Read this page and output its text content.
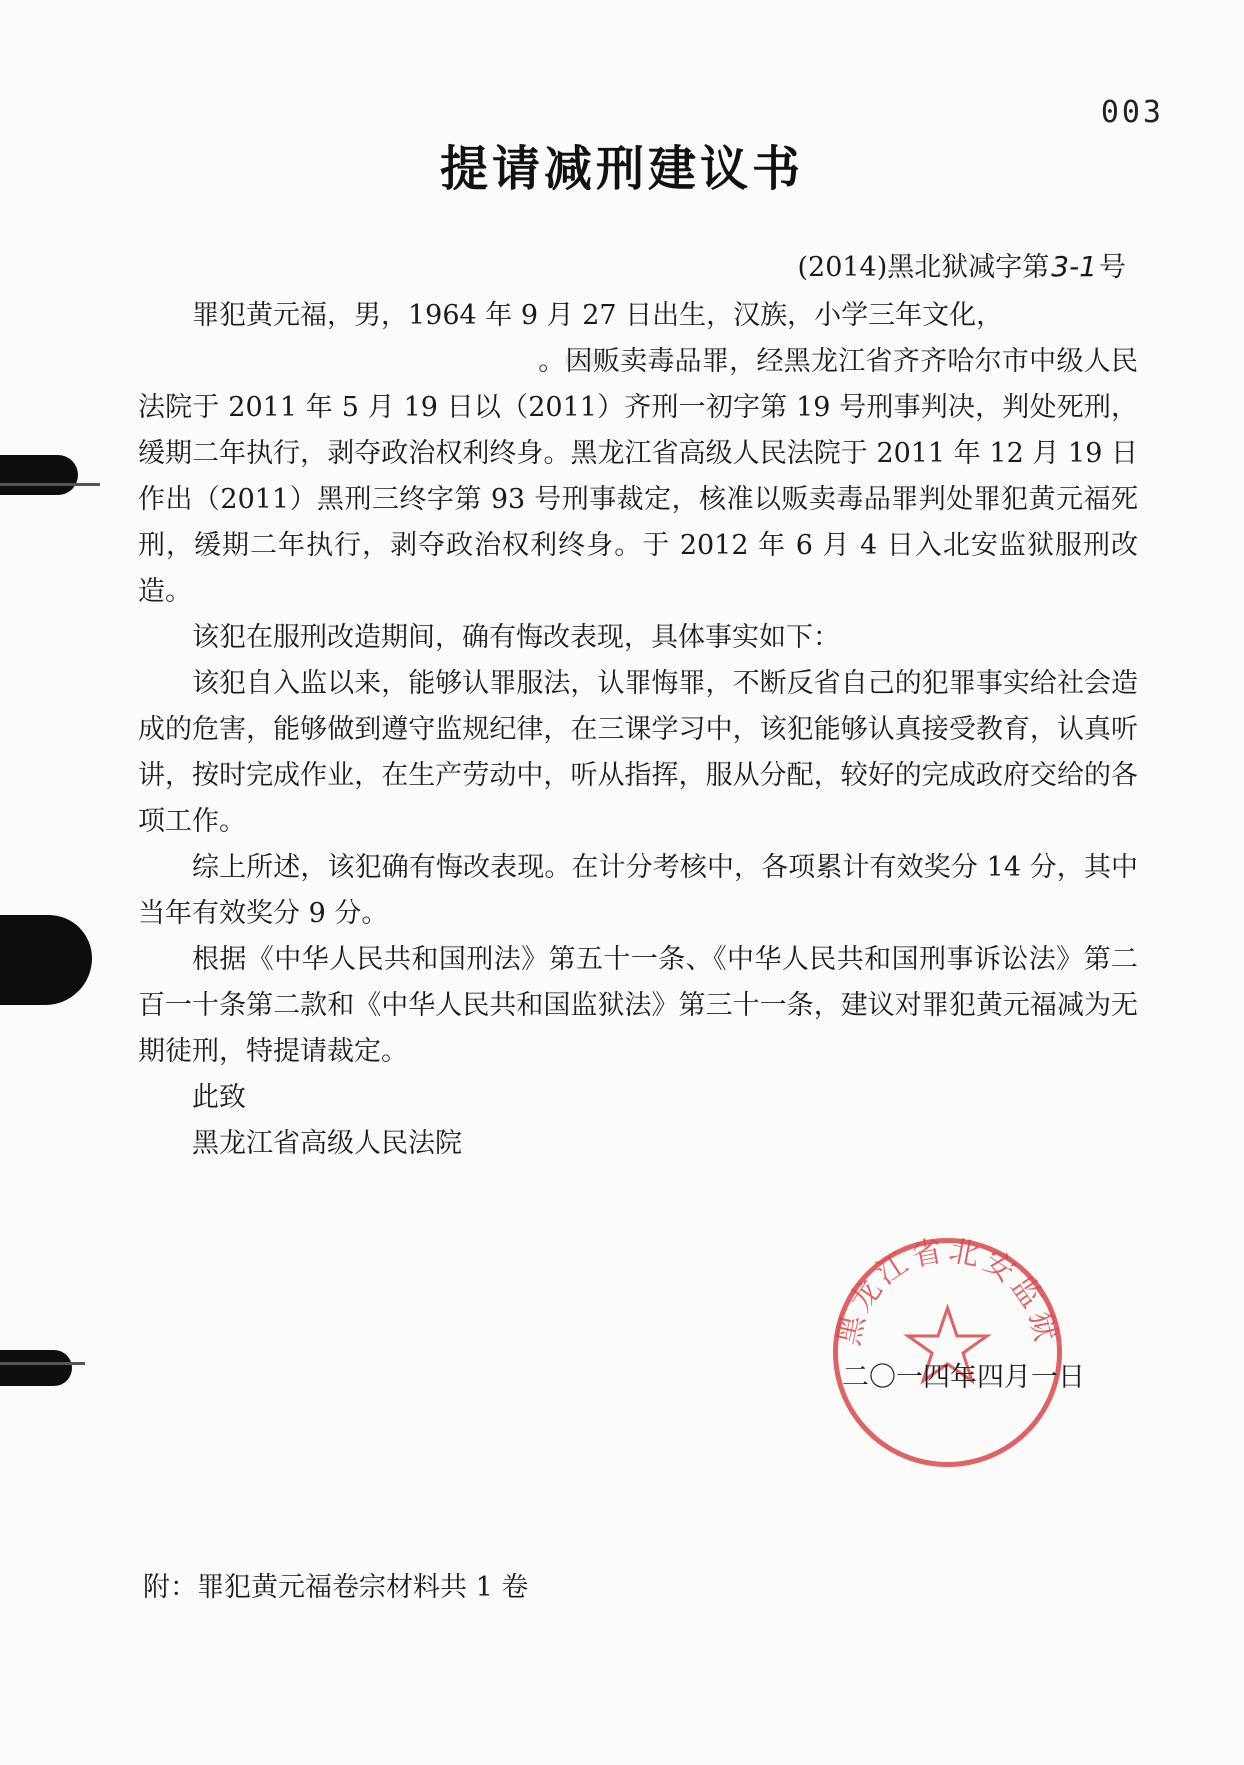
003
提请减刑建议书
(2014)黑北狱减字第3-1号

罪犯黄元福，男，1964 年 9 月 27 日出生，汉族，小学三年文化，

。因贩卖毒品罪，经黑龙江省齐齐哈尔市中级人民法院于 2011 年 5 月 19 日以（2011）齐刑一初字第 19 号刑事判决，判处死刑，缓期二年执行，剥夺政治权利终身。黑龙江省高级人民法院于 2011 年 12 月 19 日作出（2011）黑刑三终字第 93 号刑事裁定，核准以贩卖毒品罪判处罪犯黄元福死刑，缓期二年执行，剥夺政治权利终身。于 2012 年 6 月 4 日入北安监狱服刑改造。

该犯在服刑改造期间，确有悔改表现，具体事实如下：

该犯自入监以来，能够认罪服法，认罪悔罪，不断反省自己的犯罪事实给社会造成的危害，能够做到遵守监规纪律，在三课学习中，该犯能够认真接受教育，认真听讲，按时完成作业，在生产劳动中，听从指挥，服从分配，较好的完成政府交给的各项工作。

综上所述，该犯确有悔改表现。在计分考核中，各项累计有效奖分 14 分，其中当年有效奖分 9 分。

根据《中华人民共和国刑法》第五十一条、《中华人民共和国刑事诉讼法》第二百一十条第二款和《中华人民共和国监狱法》第三十一条，建议对罪犯黄元福减为无期徒刑，特提请裁定。

此致

黑龙江省高级人民法院

黑龙江省北安监狱
二〇一四年四月一日
附：罪犯黄元福卷宗材料共 1 卷
